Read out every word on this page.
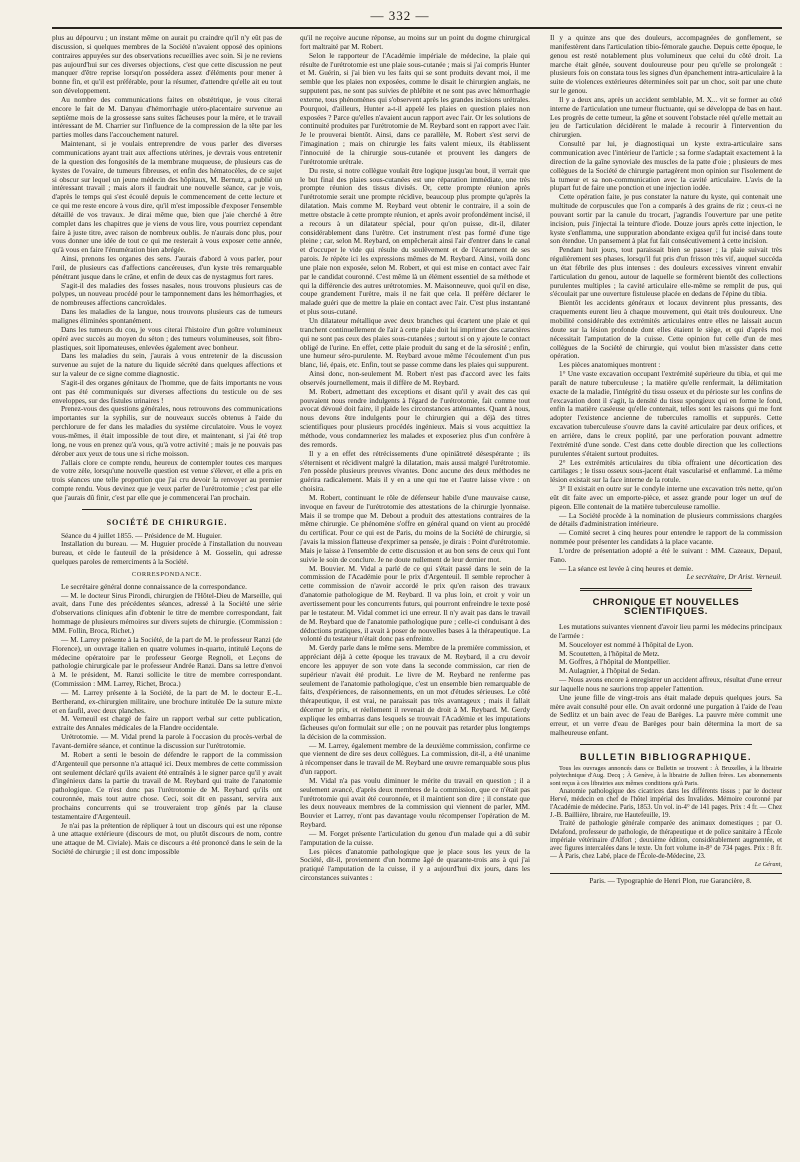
— 332 —

plus au dépourvu ; un instant même on aurait pu craindre qu'il n'y eût pas de discussion, si quelques membres de la Société n'avaient opposé des opinions contraires appuyées sur des observations recueillies avec soin. Si je ne reviens pas aujourd'hui sur ces diverses objections, c'est que cette discussion ne peut manquer d'être reprise lorsqu'on possédera assez d'éléments pour mener à bonne fin, et qu'il est préférable, pour la résumer, d'attendre qu'elle ait eu tout son développement.

Au nombre des communications faites en obstétrique, je vous citerai encore le fait de M. Danyau d'hémorrhagie utéro-placentaire survenue au septième mois de la grossesse sans suites fâcheuses pour la mère, et le travail intéressant de M. Charrier sur l'influence de la compression de la tête par les parties molles dans l'accouchement naturel.

Maintenant, si je voulais entreprendre de vous parler des diverses communications ayant trait aux affections utérines, je devrais vous entretenir de la question des fongosités de la membrane muqueuse, de plusieurs cas de kystes de l'ovaire, de tumeurs fibreuses, et enfin des hématocèles, de ce sujet si obscur sur lequel un jeune médecin des hôpitaux, M. Bernutz, a publié un intéressant travail ; mais alors il faudrait une nouvelle séance, car je vois, d'après le temps qui s'est écoulé depuis le commencement de cette lecture et ce qui me reste encore à vous dire, qu'il m'est impossible d'exposer l'ensemble détaillé de vos travaux. Je dirai même que, bien que j'aie cherché à être complet dans les chapitres que je viens de vous lire, vous pourriez cependant faire à juste titre, avec raison de nombreux oublis. Je n'aurais donc plus, pour vous donner une idée de tout ce qui me resterait à vous exposer cette année, qu'à vous en faire l'énumération bien abrégée.

Ainsi, prenons les organes des sens. J'aurais d'abord à vous parler, pour l'œil, de plusieurs cas d'affections cancéreuses, d'un kyste très remarquable pénétrant jusque dans le crâne, et enfin de deux cas de nystagmus fort rares.

S'agit-il des maladies des fosses nasales, nous trouvons plusieurs cas de polypes, un nouveau procédé pour le tamponnement dans les hémorrhagies, et de nombreuses affections cancroïdales.

Dans les maladies de la langue, nous trouvons plusieurs cas de tumeurs malignes éliminées spontanément.

Dans les tumeurs du cou, je vous citerai l'histoire d'un goître volumineux opéré avec succès au moyen du séton ; des tumeurs volumineuses, soit fibro-plastiques, soit lipomateuses, enlevées également avec bonheur.

Dans les maladies du sein, j'aurais à vous entretenir de la discussion survenue au sujet de la nature du liquide sécrété dans quelques affections et sur la valeur de ce signe comme diagnostic.

S'agit-il des organes génitaux de l'homme, que de faits importants ne vous ont pas été communiqués sur diverses affections du testicule ou de ses enveloppes, sur des fistules urinaires !

Prenez-vous des questions générales, nous retrouvons des communications importantes sur la syphilis, sur de nouveaux succès obtenus à l'aide du perchlorure de fer dans les maladies du système circulatoire. Vous le voyez vous-mêmes, il était impossible de tout dire, et maintenant, si j'ai été trop long, ne vous en prenez qu'à vous, qu'à votre activité ; mais je ne pouvais pas dérober aux yeux de tous une si riche moisson.

J'allais clore ce compte rendu, heureux de contempler toutes ces marques de votre zèle, lorsqu'une nouvelle question est venue s'élever, et elle a pris en trois séances une telle proportion que j'ai cru devoir la renvoyer au premier compte rendu. Vous devinez que je veux parler de l'urétrotomie ; c'est par elle que j'aurais dû finir, c'est par elle que je commencerai l'an prochain.

SOCIÉTÉ DE CHIRURGIE.

Séance du 4 juillet 1855. — Présidence de M. Huguier.

Installation du bureau. — M. Huguier procède à l'installation du nouveau bureau, et cède le fauteuil de la présidence à M. Gosselin, qui adresse quelques paroles de remerciments à la Société.

CORRESPONDANCE.

Le secrétaire général donne connaissance de la correspondance.

— M. le docteur Sirus Pirondi, chirurgien de l'Hôtel-Dieu de Marseille, qui avait, dans l'une des précédentes séances, adressé à la Société une série d'observations cliniques afin d'obtenir le titre de membre correspondant, fait hommage de plusieurs mémoires sur divers sujets de chirurgie. (Commission : MM. Follin, Broca, Richet.)

— M. Larrey présente à la Société, de la part de M. le professeur Ranzi (de Florence), un ouvrage italien en quatre volumes in-quarto, intitulé Leçons de médecine opératoire par le professeur George Regnoli, et Leçons de pathologie chirurgicale par le professeur Andrée Ranzi. Dans sa lettre d'envoi à M. le président, M. Ranzi sollicite le titre de membre correspondant. (Commission : MM. Larrey, Richet, Broca.)

— M. Larrey présente à la Société, de la part de M. le docteur E.-L. Bertherand, ex-chirurgien militaire, une brochure intitulée De la suture mixte et en faufil, avec deux planches.

M. Verneuil est chargé de faire un rapport verbal sur cette publication, extraite des Annales médicales de la Flandre occidentale.

Urétrotomie. — M. Vidal prend la parole à l'occasion du procès-verbal de l'avant-dernière séance, et continue la discussion sur l'urétrotomie.

M. Robert a senti le besoin de défendre le rapport de la commission d'Argenteuil que personne n'a attaqué ici. Deux membres de cette commission ont seulement déclaré qu'ils avaient été entraînés à le signer parce qu'il y avait d'ingénieux dans la partie du travail de M. Reybard qui traite de l'anatomie pathologique. Ce n'est donc pas l'urétrotomie de M. Reybard qu'ils ont couronnée, mais tout autre chose. Ceci, soit dit en passant, servira aux prochains concurrents qui se trouveraient trop gênés par la clause testamentaire d'Argenteuil.

Je n'ai pas la prétention de répliquer à tout un discours qui est une réponse à une attaque extérieure (discours de mot, ou plutôt discours de nom, contre une attaque de M. Civiale). Mais ce discours a été prononcé dans le sein de la Société de chirurgie ; il est donc impossible

qu'il ne reçoive aucune réponse, au moins sur un point du dogme chirurgical fort maltraité par M. Robert.

Selon le rapporteur de l'Académie impériale de médecine, la plaie qui résulte de l'urétrotomie est une plaie sous-cutanée ; mais si j'ai compris Hunter et M. Guérin, si j'ai bien vu les faits qui se sont produits devant moi, il me semble que les plaies non exposées, comme le disait le chirurgien anglais, ne supputent pas, ne sont pas suivies de phlébite et ne sont pas avec hémorrhagie externe, tous phénomènes qui s'observent après les grandes incisions urétrales. Pourquoi, d'ailleurs, Hunter a-t-il appelé les plaies en question plaies non exposées ? Parce qu'elles n'avaient aucun rapport avec l'air. Or les solutions de continuité produites par l'urétrotomie de M. Reybard sont en rapport avec l'air. Je le prouverai bientôt. Ainsi, dans ce parallèle, M. Robert s'est servi de l'imagination ; mais on chirurgie les faits valent mieux, ils établissent l'innocuité de la chirurgie sous-cutanée et prouvent les dangers de l'urétrotomie urétrale.

Du reste, si notre collègue voulait être logique jusqu'au bout, il verrait que le but final des plaies sous-cutanées est une réparation immédiate, une très prompte réunion des tissus divisés. Or, cette prompte réunion après l'urétrotomie serait une prompte récidive, beaucoup plus prompte qu'après la dilatation. Mais comme M. Reybard veut obtenir le contraire, il a soin de mettre obstacle à cette prompte réunion, et après avoir profondément incisé, il a recours à un dilatateur spécial, pour qu'on puisse, dit-il, dilater considérablement dans l'urètre. Cet instrument n'est pas formé d'une tige pleine ; car, selon M. Reybard, on empêcherait ainsi l'air d'entrer dans le canal et d'occuper le vide qui résulte du soulèvement et de l'écartement de ses parois. Je répète ici les expressions mêmes de M. Reybard. Ainsi, voilà donc une plaie non exposée, selon M. Robert, et qui est mise en contact avec l'air par le candidat couronné. C'est même là un élément essentiel de sa méthode et qui la différencie des autres urétrotomies. M. Maisonneuve, quoi qu'il en dise, coupe grandement l'urètre, mais il ne fait que cela. Il préfère déclarer le malade guéri que de mettre la plaie en contact avec l'air. C'est plus instantané et plus sous-cutané.

Un dilatateur métallique avec deux branches qui écartent une plaie et qui tranchent continuellement de l'air à cette plaie doit lui imprimer des caractères qui ne sont pas ceux des plaies sous-cutanées ; surtout si on y ajoute le contact obligé de l'urine. En effet, cette plaie produit du sang et de la sérosité ; enfin, une humeur séro-purulente. M. Reybard avoue même l'écoulement d'un pus blanc, lié, épais, etc. Enfin, tout se passe comme dans les plaies qui suppurent.

Ainsi donc, non-seulement M. Robert n'est pas d'accord avec les faits observés journellement, mais il diffère de M. Reybard.

M. Robert, admettant des exceptions et disant qu'il y avait des cas qui pouvaient nous rendre indulgents à l'égard de l'urétrotomie, fait comme tout avocat dévoué doit faire, il plaide les circonstances atténuantes. Quant à nous, nous devons être indulgents pour le chirurgien qui a déjà des titres scientifiques pour plusieurs procédés ingénieux. Mais si vous acquittiez la méthode, vous condamneriez les malades et exposeriez plus d'un confrère à des remords.

Il y a en effet des rétrécissements d'une opiniâtreté désespérante ; ils s'éternisent et récidivent malgré la dilatation, mais aussi malgré l'urétrotomie. J'en possède plusieurs preuves vivantes. Donc aucune des deux méthodes ne guérira radicalement. Mais il y en a une qui tue et l'autre laisse vivre : on choisira.

M. Robert, continuant le rôle de défenseur habile d'une mauvaise cause, invoque en faveur de l'urétrotomie des attestations de la chirurgie lyonnaise. Mais il se trompe que M. Debout a produit des attestations contraires de la même chirurgie. Ce phénomène s'offre en général quand on vient au procédé du certificat. Pour ce qui est de Paris, du moins de la Société de chirurgie, si j'avais la mission flatteuse d'exprimer sa pensée, je dirais : Point d'urétrotomie. Mais je laisse à l'ensemble de cette discussion et au bon sens de ceux qui l'ont suivie le soin de conclure. Je ne doute nullement de leur dernier mot.

M. Bouvier. M. Vidal a parlé de ce qui s'était passé dans le sein de la commission de l'Académie pour le prix d'Argenteuil. Il semble reprocher à cette commission de n'avoir accordé le prix qu'en raison des travaux d'anatomie pathologique de M. Reybard. Il va plus loin, et croit y voir un avertissement pour les concurrents futurs, qui pourront enfreindre le texte posé par le testateur. M. Vidal commet ici une erreur. Il n'y avait pas dans le travail de M. Reybard que de l'anatomie pathologique pure ; celle-ci conduisant à des déductions pratiques, il avait à poser de nouvelles bases à la thérapeutique. La volonté du testateur n'était donc pas enfreinte.

M. Gerdy parle dans le même sens. Membre de la première commission, et appréciant déjà à cette époque les travaux de M. Reybard, il a cru devoir encore les appuyer de son vote dans la seconde commission, car rien de supérieur n'avait été produit. Le livre de M. Reybard ne renferme pas seulement de l'anatomie pathologique, c'est un ensemble bien remarquable de faits, d'expériences, de raisonnements, en un mot d'études sérieuses. Le côté thérapeutique, il est vrai, ne paraissait pas très avantageux ; mais il fallait décerner le prix, et réellement il revenait de droit à M. Reybard. M. Gerdy explique les embarras dans lesquels se trouvait l'Académie et les imputations fâcheuses qu'on formulait sur elle ; on ne pouvait pas retarder plus longtemps la décision de la commission.

— M. Larrey, également membre de la deuxième commission, confirme ce que viennent de dire ses deux collègues. La commission, dit-il, a été unanime à récompenser dans le travail de M. Reybard une œuvre remarquable sous plus d'un rapport.

M. Vidal n'a pas voulu diminuer le mérite du travail en question ; il a seulement avancé, d'après deux membres de la commission, que ce n'était pas l'urétrotomie qui avait été couronnée, et il maintient son dire ; il constate que les deux nouveaux membres de la commission qui viennent de parler, MM. Bouvier et Larrey, n'ont pas davantage voulu récompenser l'opération de M. Reybard.

— M. Forget présente l'articulation du genou d'un malade qui a dû subir l'amputation de la cuisse.

Les pièces d'anatomie pathologique que je place sous les yeux de la Société, dit-il, proviennent d'un homme âgé de quarante-trois ans à qui j'ai pratiqué l'amputation de la cuisse, il y a aujourd'hui dix jours, dans les circonstances suivantes :

Il y a quinze ans que des douleurs, accompagnées de gonflement, se manifestèrent dans l'articulation tibio-fémorale gauche. Depuis cette époque, le genou est resté notablement plus volumineux que celui du côté droit. La marche était gênée, souvent douloureuse pour peu qu'elle se prolongeât : plusieurs fois on constata tous les signes d'un épanchement intra-articulaire à la suite de violences extérieures déterminées soit par un choc, soit par une chute sur le genou.

Il y a deux ans, après un accident semblable, M. X... vit se former au côté interne de l'articulation une tumeur fluctuante, qui se développa de bas en haut. Les progrès de cette tumeur, la gêne et souvent l'obstacle réel qu'elle mettait au jeu de l'articulation décidèrent le malade à recourir à l'intervention du chirurgien.

Consulté par lui, je diagnostiquai un kyste extra-articulaire sans communication avec l'intérieur de l'article ; sa forme s'adaptait exactement à la direction de la gaîne synoviale des muscles de la patte d'oie ; plusieurs de mes collègues de la Société de chirurgie partagèrent mon opinion sur l'isolement de la tumeur et sa non-communication avec la cavité articulaire. L'avis de la plupart fut de faire une ponction et une injection iodée.

Cette opération faite, je pus constater la nature du kyste, qui contenait une multitude de corpuscules que l'on a comparés à des grains de riz ; ceux-ci ne pouvant sortir par la canule du trocart, j'agrandis l'ouverture par une petite incision, puis j'injectai la teinture d'iode. Douze jours après cette injection, le kyste s'enflamma, une suppuration abondante exigea qu'il fut incisé dans toute son étendue. Un pansement à plat fut fait consécutivement à cette incision.

Pendant huit jours, tout paraissait bien se passer ; la plaie suivait très régulièrement ses phases, lorsqu'il fut pris d'un frisson très vif, auquel succéda un état fébrile des plus intenses : des douleurs excessives vinrent envahir l'articulation du genou, autour de laquelle se formèrent bientôt des collections purulentes multiples ; la cavité articulaire elle-même se remplit de pus, qui s'écoulait par une ouverture fistuleuse placée en dedans de l'épine du tibia.

Bientôt les accidents généraux et locaux devinrent plus pressants, des craquements eurent lieu à chaque mouvement, qui était très douloureux. Une mobilité considérable des extrémités articulaires entre elles ne laissait aucun doute sur la lésion profonde dont elles étaient le siège, et qui d'après moi nécessitait l'amputation de la cuisse. Cette opinion fut celle d'un de mes collègues de la Société de chirurgie, qui voulut bien m'assister dans cette opération.

Les pièces anatomiques montrent :

1° Une vaste excavation occupant l'extrémité supérieure du tibia, et qui me paraît de nature tuberculeuse ; la matière qu'elle renfermait, la délimitation exacte de la maladie, l'intégrité du tissu osseux et du périoste sur les confins de l'excavation dont il s'agit, la densité du tissu spongieux qui en forme le fond, enfin la matière caséeuse qu'elle contenait, telles sont les raisons qui me font adopter l'existence ancienne de tubercules ramollis et suppurés. Cette excavation tuberculeuse s'ouvre dans la cavité articulaire par deux orifices, et en arrière, dans le creux poplité, par une perforation pouvant admettre l'extrémité d'une sonde. C'est dans cette double direction que les collections purulentes s'étaient surtout produites.

2° Les extrémités articulaires du tibia offraient une décortication des cartilages ; le tissu osseux sous-jacent était vascularisé et enflammé. La même lésion existait sur la face interne de la rotule.

3° Il existait en outre sur le condyle interne une excavation très nette, qu'on eût dit faite avec un emporte-pièce, et assez grande pour loger un œuf de pigeon. Elle contenait de la matière tuberculeuse ramollie.

— La Société procède à la nomination de plusieurs commissions chargées de détails d'administration intérieure.

— Comité secret à cinq heures pour entendre le rapport de la commission nommée pour présenter les candidats à la place vacante.

L'ordre de présentation adopté a été le suivant : MM. Cazeaux, Depaul, Fano.

— La séance est levée à cinq heures et demie.

Le secrétaire, Dr Arist. Verneuil.

CHRONIQUE ET NOUVELLES SCIENTIFIQUES.

Les mutations suivantes viennent d'avoir lieu parmi les médecins principaux de l'armée :

M. Souceloyer est nommé à l'hôpital de Lyon.

M. Scoutetten, à l'hôpital de Metz.

M. Goffres, à l'hôpital de Montpellier.

M. Aulagnier, à l'hôpital de Sedan.

— Nous avons encore à enregistrer un accident affreux, résultat d'une erreur sur laquelle nous ne saurions trop appeler l'attention.

Une jeune fille de vingt-trois ans était malade depuis quelques jours. Sa mère avait consulté pour elle. On avait ordonné une purgation à l'aide de l'eau de Sedlitz et un bain avec de l'eau de Barèges. La pauvre mère commit une erreur, et un verre d'eau de Barèges pour bain détermina la mort de sa malheureuse enfant.

BULLETIN BIBLIOGRAPHIQUE.

Tous les ouvrages annoncés dans ce Bulletin se trouvent : À Bruxelles, à la librairie polytechnique d'Aug. Decq ; À Genève, à la librairie de Jullien frères. Les abonnements sont reçus à ces librairies aux mêmes conditions qu'à Paris.

Anatomie pathologique des cicatrices dans les différents tissus ; par le docteur Hervé, médecin en chef de l'hôtel impérial des Invalides. Mémoire couronné par l'Académie de médecine. Paris, 1853. Un vol. in-4° de 141 pages. Prix : 4 fr. — Chez J.-B. Baillière, libraire, rue Hautefeuille, 19.

Traité de pathologie générale comparée des animaux domestiques ; par O. Delafond, professeur de pathologie, de thérapeutique et de police sanitaire à l'École impériale vétérinaire d'Alfort ; deuxième édition, considérablement augmentée, et avec figures intercalées dans le texte. Un fort volume in-8° de 734 pages. Prix : 8 fr. — À Paris, chez Labé, place de l'École-de-Médecine, 23.

Le Gérant,

Paris. — Typographie de Henri Plon, rue Garancière, 8.
